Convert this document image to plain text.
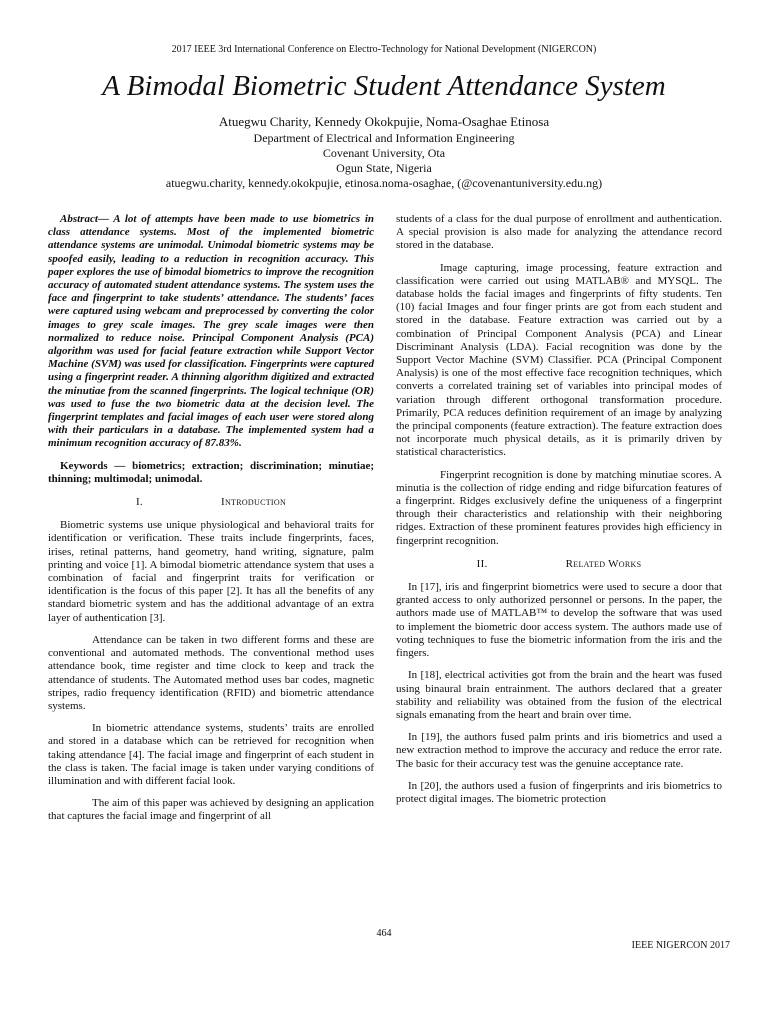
2017 IEEE 3rd International Conference on Electro-Technology for National Development (NIGERCON)
A Bimodal Biometric Student Attendance System
Atuegwu Charity, Kennedy Okokpujie, Noma-Osaghae Etinosa
Department of Electrical and Information Engineering
Covenant University, Ota
Ogun State, Nigeria
atuegwu.charity, kennedy.okokpujie, etinosa.noma-osaghae, (@covenantuniversity.edu.ng)

Abstract— A lot of attempts have been made to use biometrics in class attendance systems. Most of the implemented biometric attendance systems are unimodal. Unimodal biometric systems may be spoofed easily, leading to a reduction in recognition accuracy. This paper explores the use of bimodal biometrics to improve the recognition accuracy of automated student attendance systems. The system uses the face and fingerprint to take students’ attendance. The students’ faces were captured using webcam and preprocessed by converting the color images to grey scale images. The grey scale images were then normalized to reduce noise. Principal Component Analysis (PCA) algorithm was used for facial feature extraction while Support Vector Machine (SVM) was used for classification. Fingerprints were captured using a fingerprint reader. A thinning algorithm digitized and extracted the minutiae from the scanned fingerprints. The logical technique (OR) was used to fuse the two biometric data at the decision level. The fingerprint templates and facial images of each user were stored along with their particulars in a database. The implemented system had a minimum recognition accuracy of 87.83%.

Keywords — biometrics; extraction; discrimination; minutiae; thinning; multimodal; unimodal.

I.	Introduction

Biometric systems use unique physiological and behavioral traits for identification or verification. These traits include fingerprints, faces, irises, retinal patterns, hand geometry, hand writing, signature, palm printing and voice [1]. A bimodal biometric attendance system that uses a combination of facial and fingerprint traits for verification or identification is the focus of this paper [2]. It has all the benefits of any standard biometric system and has the additional advantage of an extra layer of authentication [3].

Attendance can be taken in two different forms and these are conventional and automated methods. The conventional method uses attendance book, time register and time clock to keep and track the attendance of students. The Automated method uses bar codes, magnetic stripes, radio frequency identification (RFID) and biometric attendance systems.

In biometric attendance systems, students’ traits are enrolled and stored in a database which can be retrieved for recognition when taking attendance [4]. The facial image and fingerprint of each student in the class is taken. The facial image is taken under varying conditions of illumination and with different facial look.

The aim of this paper was achieved by designing an application that captures the facial image and fingerprint of all

students of a class for the dual purpose of enrollment and authentication. A special provision is also made for analyzing the attendance record stored in the database.

Image capturing, image processing, feature extraction and classification were carried out using MATLAB® and MYSQL. The database holds the facial images and fingerprints of fifty students. Ten (10) facial Images and four finger prints are got from each student and stored in the database. Feature extraction was carried out by a combination of Principal Component Analysis (PCA) and Linear Discriminant Analysis (LDA). Facial recognition was done by the Support Vector Machine (SVM) Classifier. PCA (Principal Component Analysis) is one of the most effective face recognition techniques, which converts a correlated training set of variables into principal modes of variation through different orthogonal transformation procedure. Primarily, PCA reduces definition requirement of an image by analyzing the principal components (feature extraction). The feature extraction does not incorporate much physical details, as it is primarily driven by statistical characteristics.

Fingerprint recognition is done by matching minutiae scores. A minutia is the collection of ridge ending and ridge bifurcation features of a fingerprint. Ridges exclusively define the uniqueness of a fingerprint through their characteristics and relationship with their neighboring ridges. Extraction of these prominent features provides high efficiency in fingerprint recognition.

II.	Related Works

In [17], iris and fingerprint biometrics were used to secure a door that granted access to only authorized personnel or persons. In the paper, the authors made use of MATLAB™ to develop the software that was used to implement the biometric door access system. The authors made use of voting techniques to fuse the biometric information from the iris and the fingers.

In [18], electrical activities got from the brain and the heart was fused using binaural brain entrainment. The authors declared that a greater stability and reliability was obtained from the fusion of the electrical signals emanating from the heart and brain over time.

In [19], the authors fused palm prints and iris biometrics and used a new extraction method to improve the accuracy and reduce the error rate. The basic for their accuracy test was the genuine acceptance rate.

In [20], the authors used a fusion of fingerprints and iris biometrics to protect digital images. The biometric protection

464
IEEE NIGERCON 2017
